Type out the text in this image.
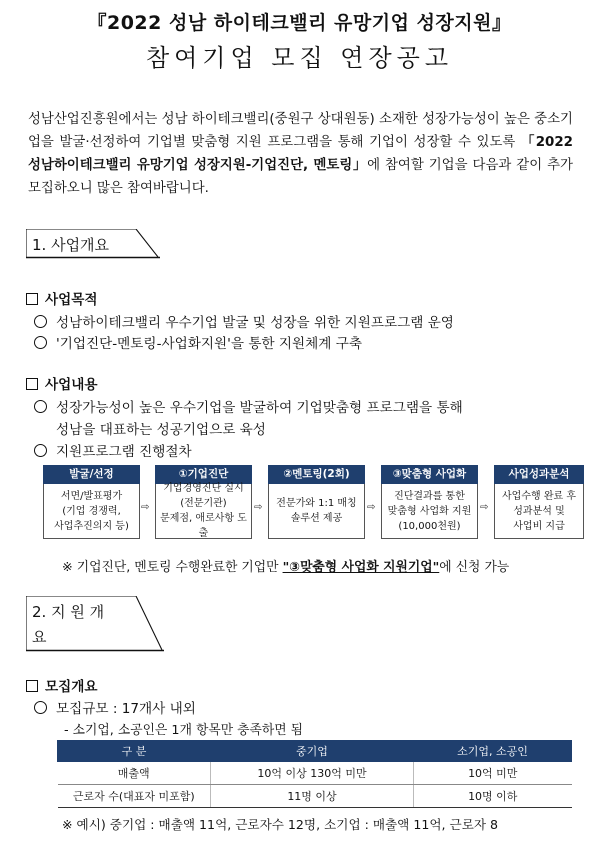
『2022 성남 하이테크밸리 유망기업 성장지원』
참여기업 모집 연장공고
성남산업진흥원에서는 성남 하이테크밸리(중원구 상대원동) 소재한 성장가능성이 높은 중소기업을 발굴·선정하여 기업별 맞춤형 지원 프로그램을 통해 기업이 성장할 수 있도록 「2022 성남하이테크밸리 유망기업 성장지원-기업진단, 멘토링」에 참여할 기업을 다음과 같이 추가모집하오니 많은 참여바랍니다.
1. 사업개요
사업목적
성남하이테크밸리 우수기업 발굴 및 성장을 위한 지원프로그램 운영
'기업진단-멘토링-사업화지원'을 통한 지원체계 구축
사업내용
성장가능성이 높은 우수기업을 발굴하여 기업맞춤형 프로그램을 통해
성남을 대표하는 성공기업으로 육성
지원프로그램 진행절차
발굴/선정
서면/발표평가
(기업 경쟁력,
사업추진의지 등)
⇨
①기업진단
기업경영진단 실시
(전문기관)
문제점, 애로사항 도출
⇨
②멘토링(2회)
전문가와 1:1 매칭
솔루션 제공
⇨
③맞춤형 사업화
진단결과를 통한
맞춤형 사업화 지원
(10,000천원)
⇨
사업성과분석
사업수행 완료 후
성과분석 및
사업비 지급
※ 기업진단, 멘토링 수행완료한 기업만 "③맞춤형 사업화 지원기업"에 신청 가능
2. 지 원 개
요
모집개요
모집규모 : 17개사 내외
- 소기업, 소공인은 1개 항목만 충족하면 됨
구 분	중기업	소기업, 소공인
매출액	10억 이상 130억 미만	10억 미만
근로자 수(대표자 미포함)	11명 이상	10명 이하
※ 예시) 중기업 : 매출액 11억, 근로자수 12명, 소기업 : 매출액 11억, 근로자 8
